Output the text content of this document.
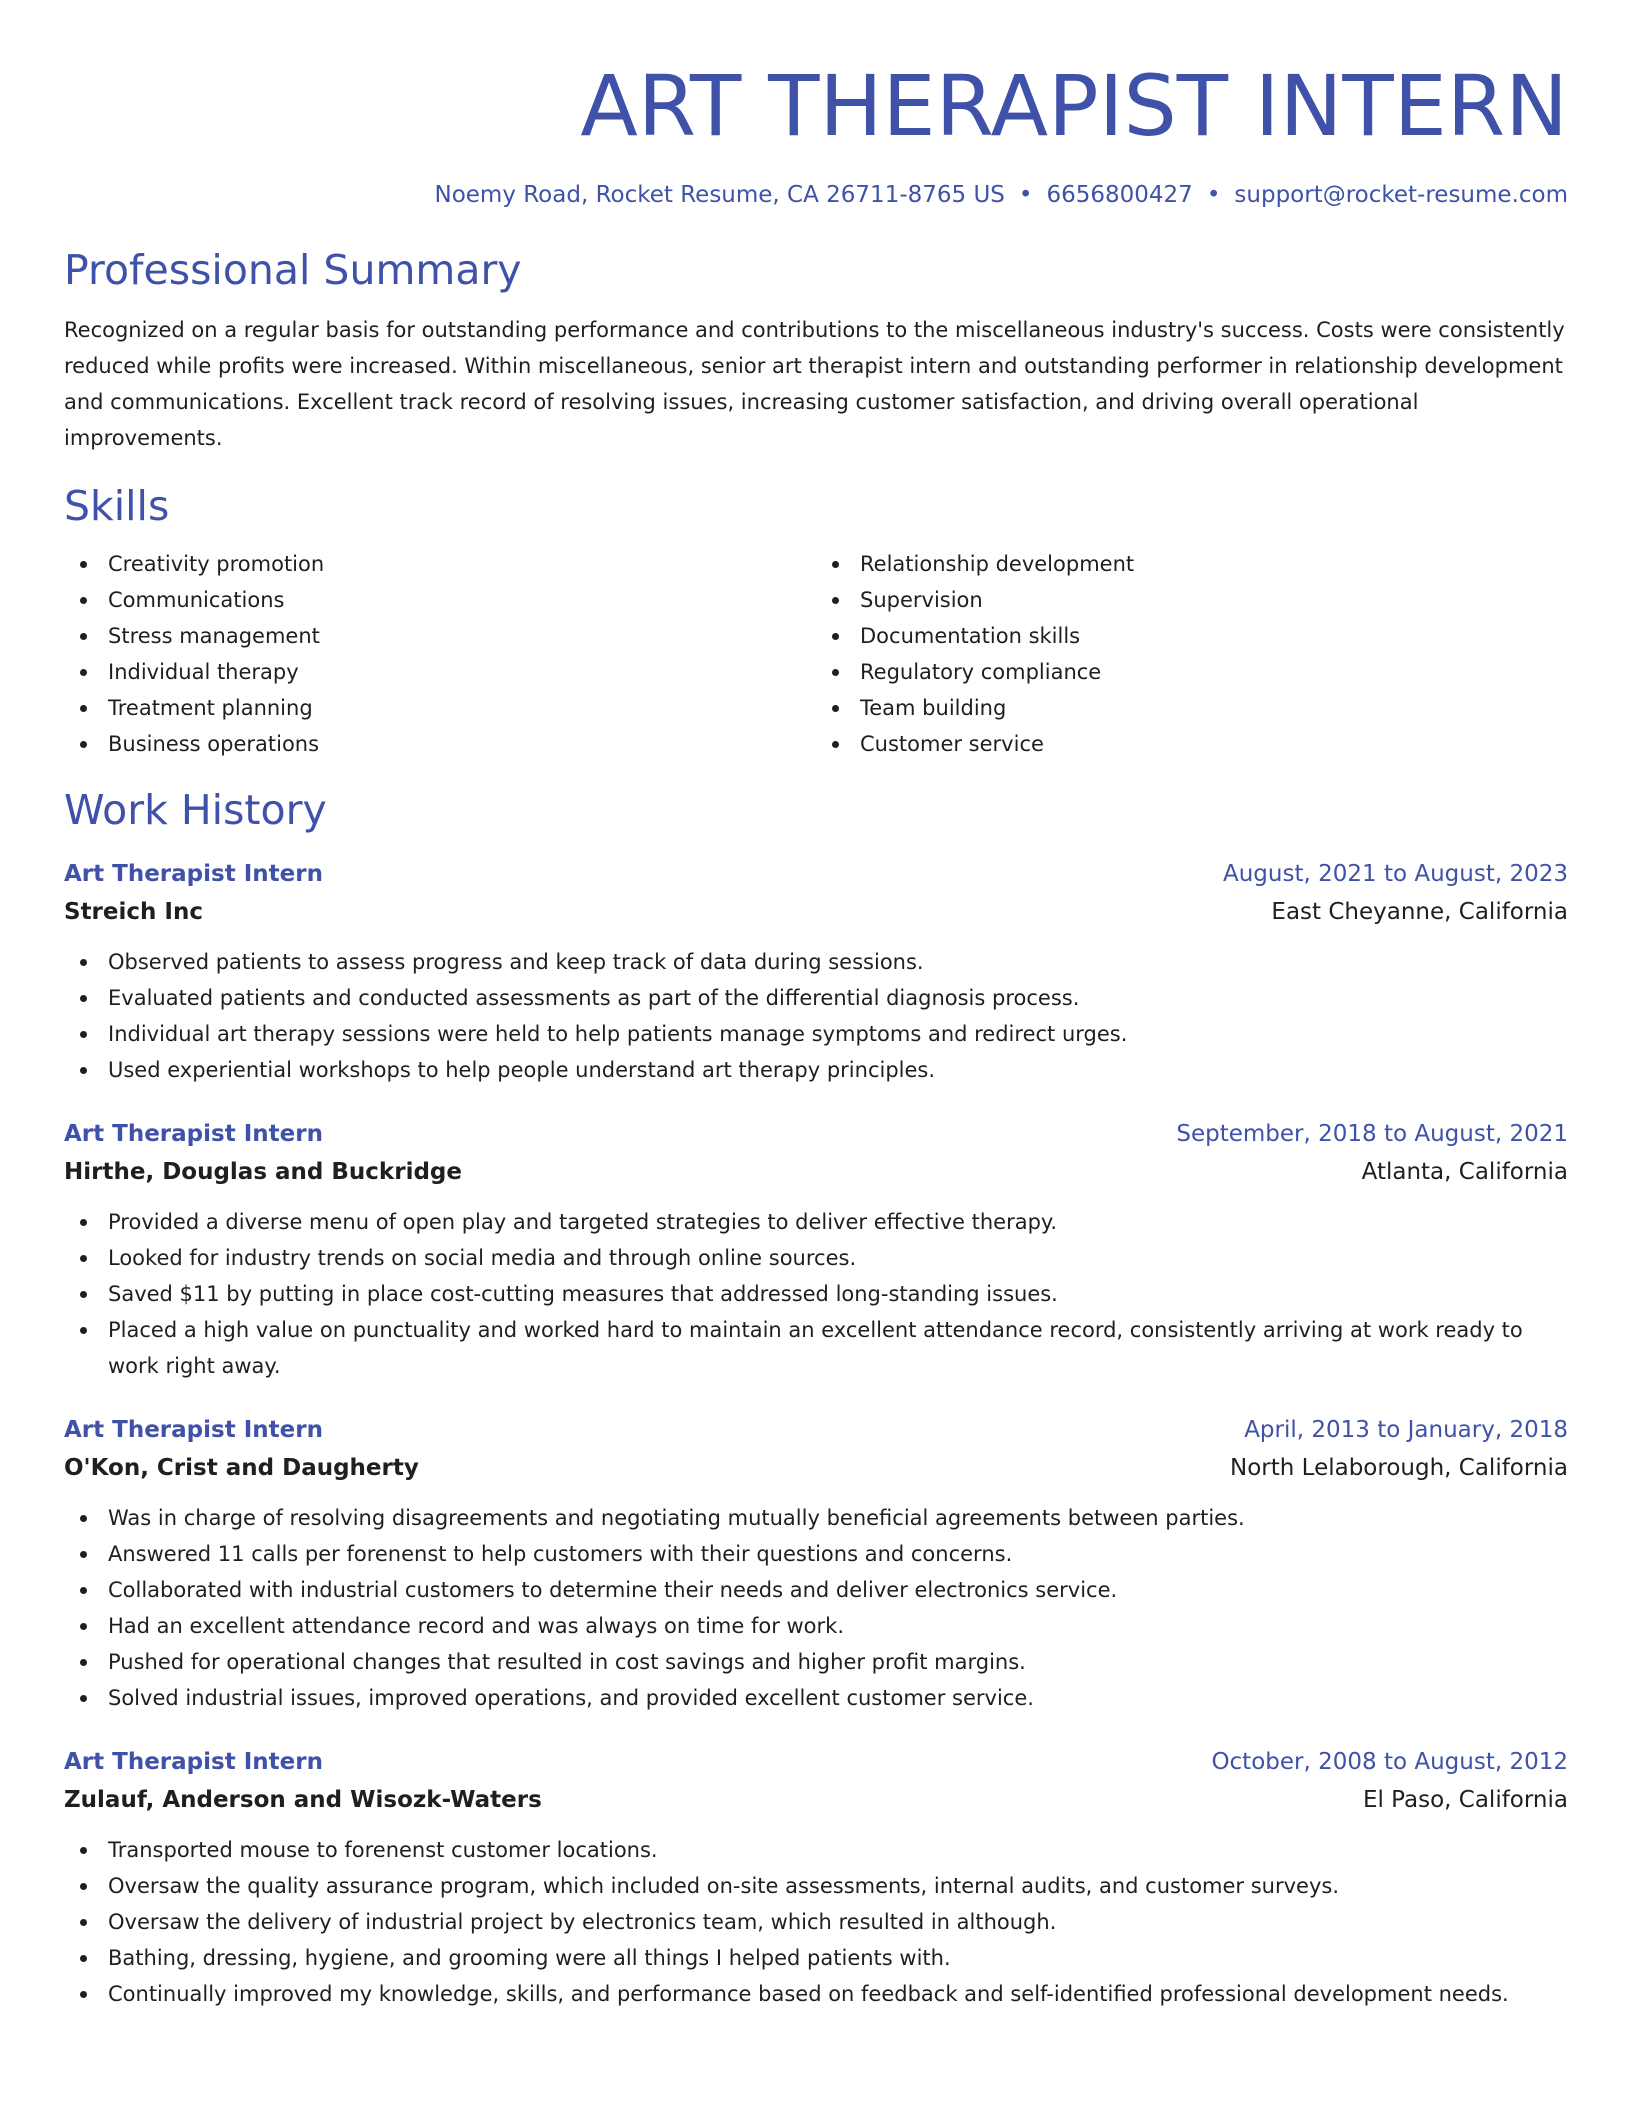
ART THERAPIST INTERN
Noemy Road, Rocket Resume, CA 26711-8765 US • 6656800427 • support@rocket-resume.com
Professional Summary

Recognized on a regular basis for outstanding performance and contributions to the miscellaneous industry's success. Costs were consistently reduced while profits were increased. Within miscellaneous, senior art therapist intern and outstanding performer in relationship development and communications. Excellent track record of resolving issues, increasing customer satisfaction, and driving overall operational improvements.

Skills
Creativity promotion
Communications
Stress management
Individual therapy
Treatment planning
Business operations
Relationship development
Supervision
Documentation skills
Regulatory compliance
Team building
Customer service
Work History
Art Therapist Intern	August, 2021 to August, 2023
Streich Inc	East Cheyanne, California
Observed patients to assess progress and keep track of data during sessions.
Evaluated patients and conducted assessments as part of the differential diagnosis process.
Individual art therapy sessions were held to help patients manage symptoms and redirect urges.
Used experiential workshops to help people understand art therapy principles.
Art Therapist Intern	September, 2018 to August, 2021
Hirthe, Douglas and Buckridge	Atlanta, California
Provided a diverse menu of open play and targeted strategies to deliver effective therapy.
Looked for industry trends on social media and through online sources.
Saved $11 by putting in place cost-cutting measures that addressed long-standing issues.
Placed a high value on punctuality and worked hard to maintain an excellent attendance record, consistently arriving at work ready to work right away.
Art Therapist Intern	April, 2013 to January, 2018
O'Kon, Crist and Daugherty	North Lelaborough, California
Was in charge of resolving disagreements and negotiating mutually beneficial agreements between parties.
Answered 11 calls per forenenst to help customers with their questions and concerns.
Collaborated with industrial customers to determine their needs and deliver electronics service.
Had an excellent attendance record and was always on time for work.
Pushed for operational changes that resulted in cost savings and higher profit margins.
Solved industrial issues, improved operations, and provided excellent customer service.
Art Therapist Intern	October, 2008 to August, 2012
Zulauf, Anderson and Wisozk-Waters	El Paso, California
Transported mouse to forenenst customer locations.
Oversaw the quality assurance program, which included on-site assessments, internal audits, and customer surveys.
Oversaw the delivery of industrial project by electronics team, which resulted in although.
Bathing, dressing, hygiene, and grooming were all things I helped patients with.
Continually improved my knowledge, skills, and performance based on feedback and self-identified professional development needs.
